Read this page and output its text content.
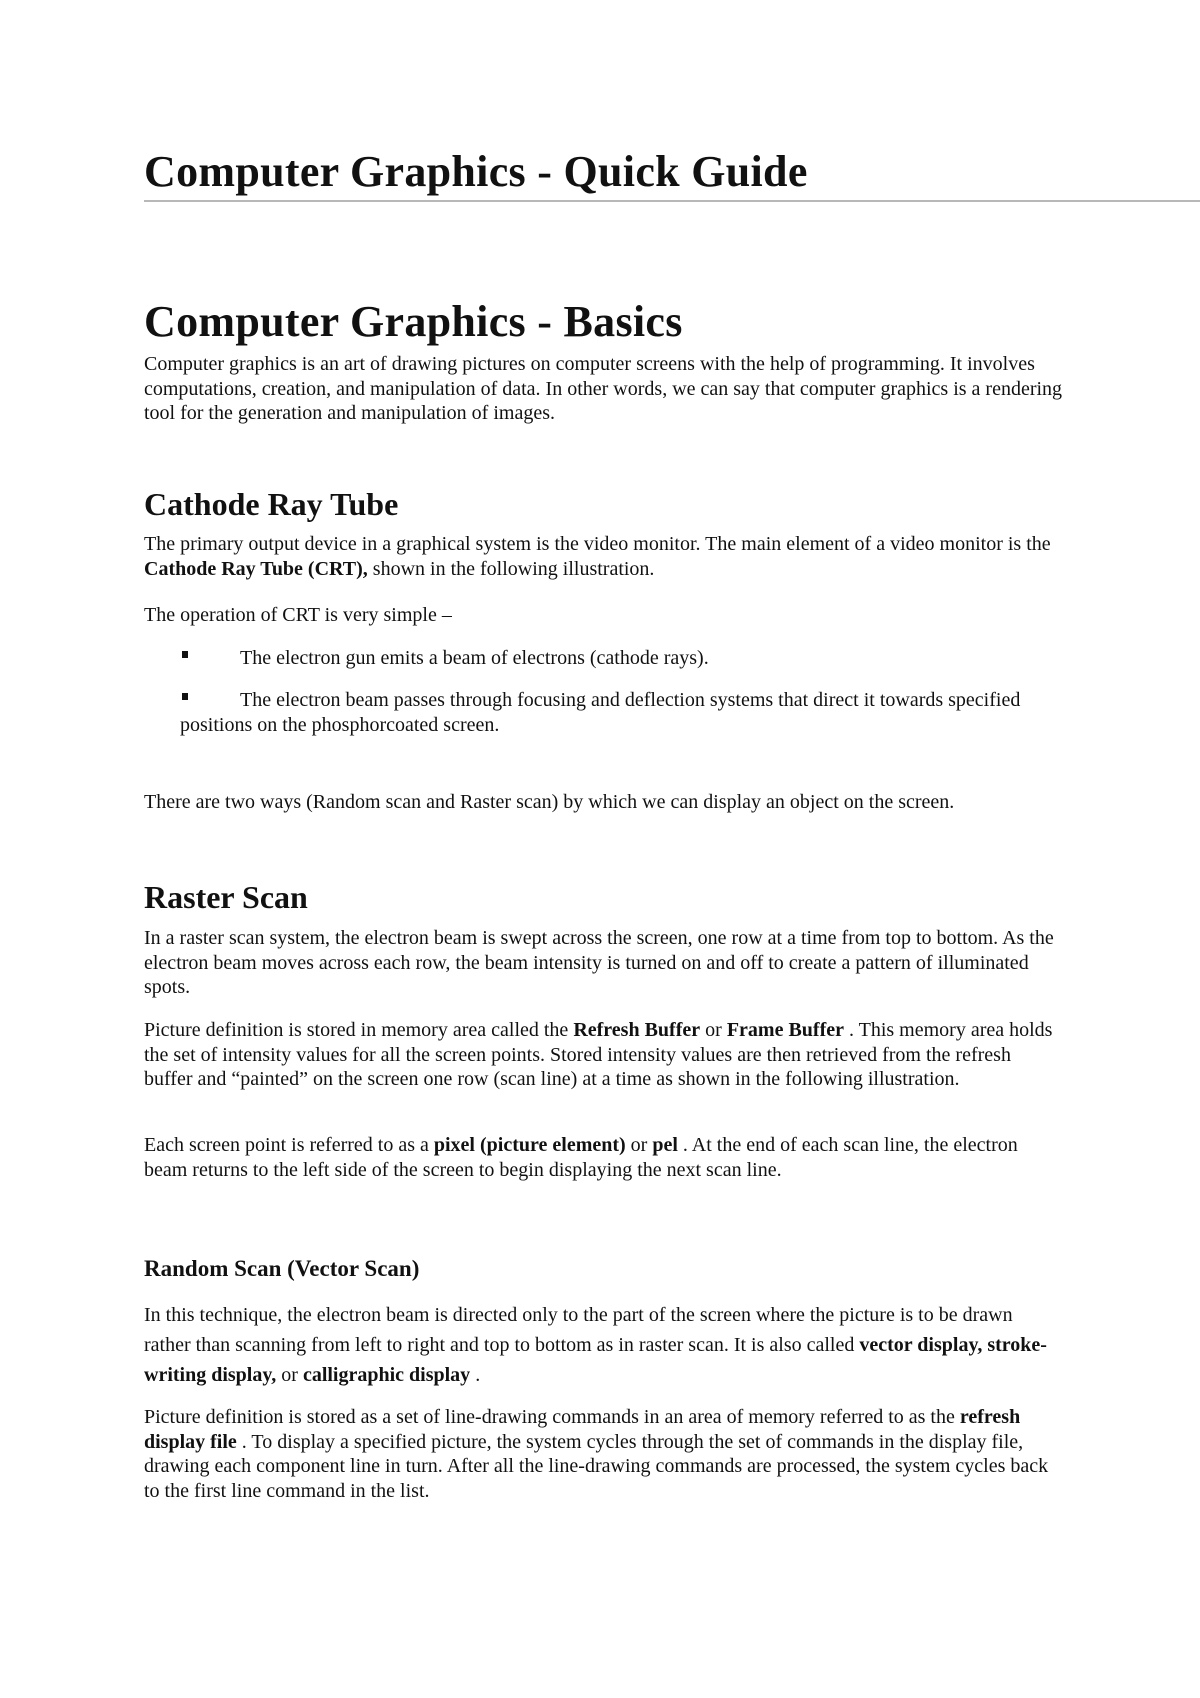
Computer Graphics - Quick Guide
Computer Graphics - Basics

Computer graphics is an art of drawing pictures on computer screens with the help of programming. It involves computations, creation, and manipulation of data. In other words, we can say that computer graphics is a rendering tool for the generation and manipulation of images.

Cathode Ray Tube

The primary output device in a graphical system is the video monitor. The main element of a video monitor is the Cathode Ray Tube (CRT), shown in the following illustration.

The operation of CRT is very simple –

The electron gun emits a beam of electrons (cathode rays).

The electron beam passes through focusing and deflection systems that direct it towards specified positions on the phosphorcoated screen.

There are two ways (Random scan and Raster scan) by which we can display an object on the screen.

Raster Scan

In a raster scan system, the electron beam is swept across the screen, one row at a time from top to bottom. As the electron beam moves across each row, the beam intensity is turned on and off to create a pattern of illuminated spots.

Picture definition is stored in memory area called the Refresh Buffer or Frame Buffer . This memory area holds the set of intensity values for all the screen points. Stored intensity values are then retrieved from the refresh buffer and “painted” on the screen one row (scan line) at a time as shown in the following illustration.

Each screen point is referred to as a pixel (picture element) or pel . At the end of each scan line, the electron beam returns to the left side of the screen to begin displaying the next scan line.

Random Scan (Vector Scan)

In this technique, the electron beam is directed only to the part of the screen where the picture is to be drawn rather than scanning from left to right and top to bottom as in raster scan. It is also called vector display, stroke-writing display, or calligraphic display .

Picture definition is stored as a set of line-drawing commands in an area of memory referred to as the refresh display file . To display a specified picture, the system cycles through the set of commands in the display file, drawing each component line in turn. After all the line-drawing commands are processed, the system cycles back to the first line command in the list.
